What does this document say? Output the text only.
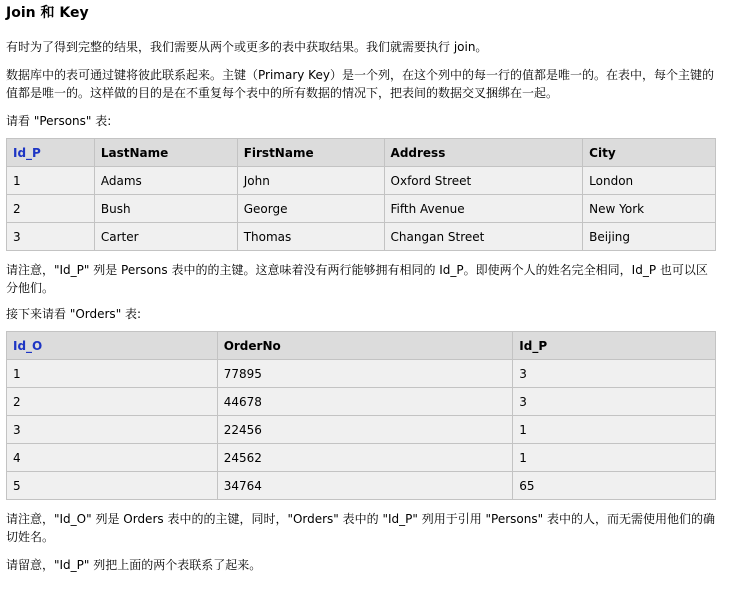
Join 和 Key

有时为了得到完整的结果，我们需要从两个或更多的表中获取结果。我们就需要执行 join。

数据库中的表可通过键将彼此联系起来。主键（Primary Key）是一个列，在这个列中的每一行的值都是唯一的。在表中，每个主键的值都是唯一的。这样做的目的是在不重复每个表中的所有数据的情况下，把表间的数据交叉捆绑在一起。

请看 "Persons" 表:

Id_P	LastName	FirstName	Address	City
1	Adams	John	Oxford Street	London
2	Bush	George	Fifth Avenue	New York
3	Carter	Thomas	Changan Street	Beijing

请注意，"Id_P" 列是 Persons 表中的的主键。这意味着没有两行能够拥有相同的 Id_P。即使两个人的姓名完全相同，Id_P 也可以区分他们。

接下来请看 "Orders" 表:

Id_O	OrderNo	Id_P
1	77895	3
2	44678	3
3	22456	1
4	24562	1
5	34764	65

请注意，"Id_O" 列是 Orders 表中的的主键，同时，"Orders" 表中的 "Id_P" 列用于引用 "Persons" 表中的人，而无需使用他们的确切姓名。

请留意，"Id_P" 列把上面的两个表联系了起来。
